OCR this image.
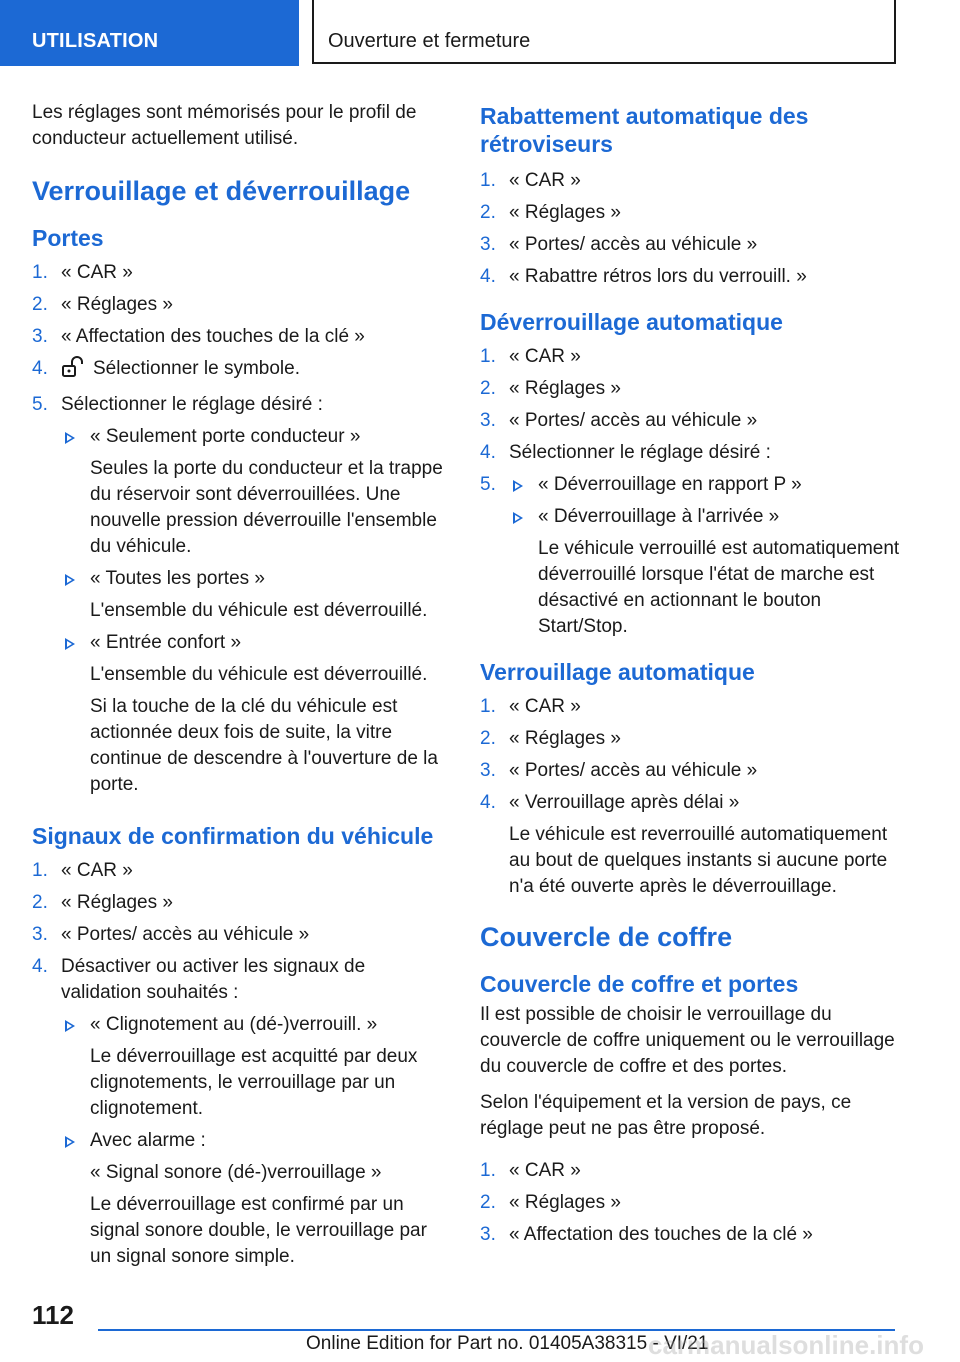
UTILISATION	Ouverture et fermeture

Les réglages sont mémorisés pour le profil de conducteur actuellement utilisé.

Verrouillage et déverrouillage
Portes
1. « CAR »
2. « Réglages »
3. « Affectation des touches de la clé »
4. Sélectionner le symbole.
5. Sélectionner le réglage désiré :
« Seulement porte conducteur »
Seules la porte du conducteur et la trappe du réservoir sont déverrouillées. Une nouvelle pression déverrouille l'ensemble du véhicule.
« Toutes les portes »
L'ensemble du véhicule est déverrouillé.
« Entrée confort »
L'ensemble du véhicule est déverrouillé.
Si la touche de la clé du véhicule est actionnée deux fois de suite, la vitre continue de descendre à l'ouverture de la porte.
Signaux de confirmation du véhicule
1. « CAR »
2. « Réglages »
3. « Portes/ accès au véhicule »
4. Désactiver ou activer les signaux de validation souhaités :
« Clignotement au (dé-)verrouill. »
Le déverrouillage est acquitté par deux clignotements, le verrouillage par un clignotement.
Avec alarme :
« Signal sonore (dé-)verrouillage »
Le déverrouillage est confirmé par un signal sonore double, le verrouillage par un signal sonore simple.
Rabattement automatique des rétroviseurs
1. « CAR »
2. « Réglages »
3. « Portes/ accès au véhicule »
4. « Rabattre rétros lors du verrouill. »
Déverrouillage automatique
1. « CAR »
2. « Réglages »
3. « Portes/ accès au véhicule »
4. Sélectionner le réglage désiré :
5. « Déverrouillage en rapport P »
« Déverrouillage à l'arrivée »
Le véhicule verrouillé est automatiquement déverrouillé lorsque l'état de marche est désactivé en actionnant le bouton Start/Stop.
Verrouillage automatique
1. « CAR »
2. « Réglages »
3. « Portes/ accès au véhicule »
4. « Verrouillage après délai »
Le véhicule est reverrouillé automatiquement au bout de quelques instants si aucune porte n'a été ouverte après le déverrouillage.
Couvercle de coffre
Couvercle de coffre et portes

Il est possible de choisir le verrouillage du couvercle de coffre uniquement ou le verrouillage du couvercle de coffre et des portes.

Selon l'équipement et la version de pays, ce réglage peut ne pas être proposé.

1. « CAR »
2. « Réglages »
3. « Affectation des touches de la clé »
112
Online Edition for Part no. 01405A38315 - VI/21
carmanualsonline.info
